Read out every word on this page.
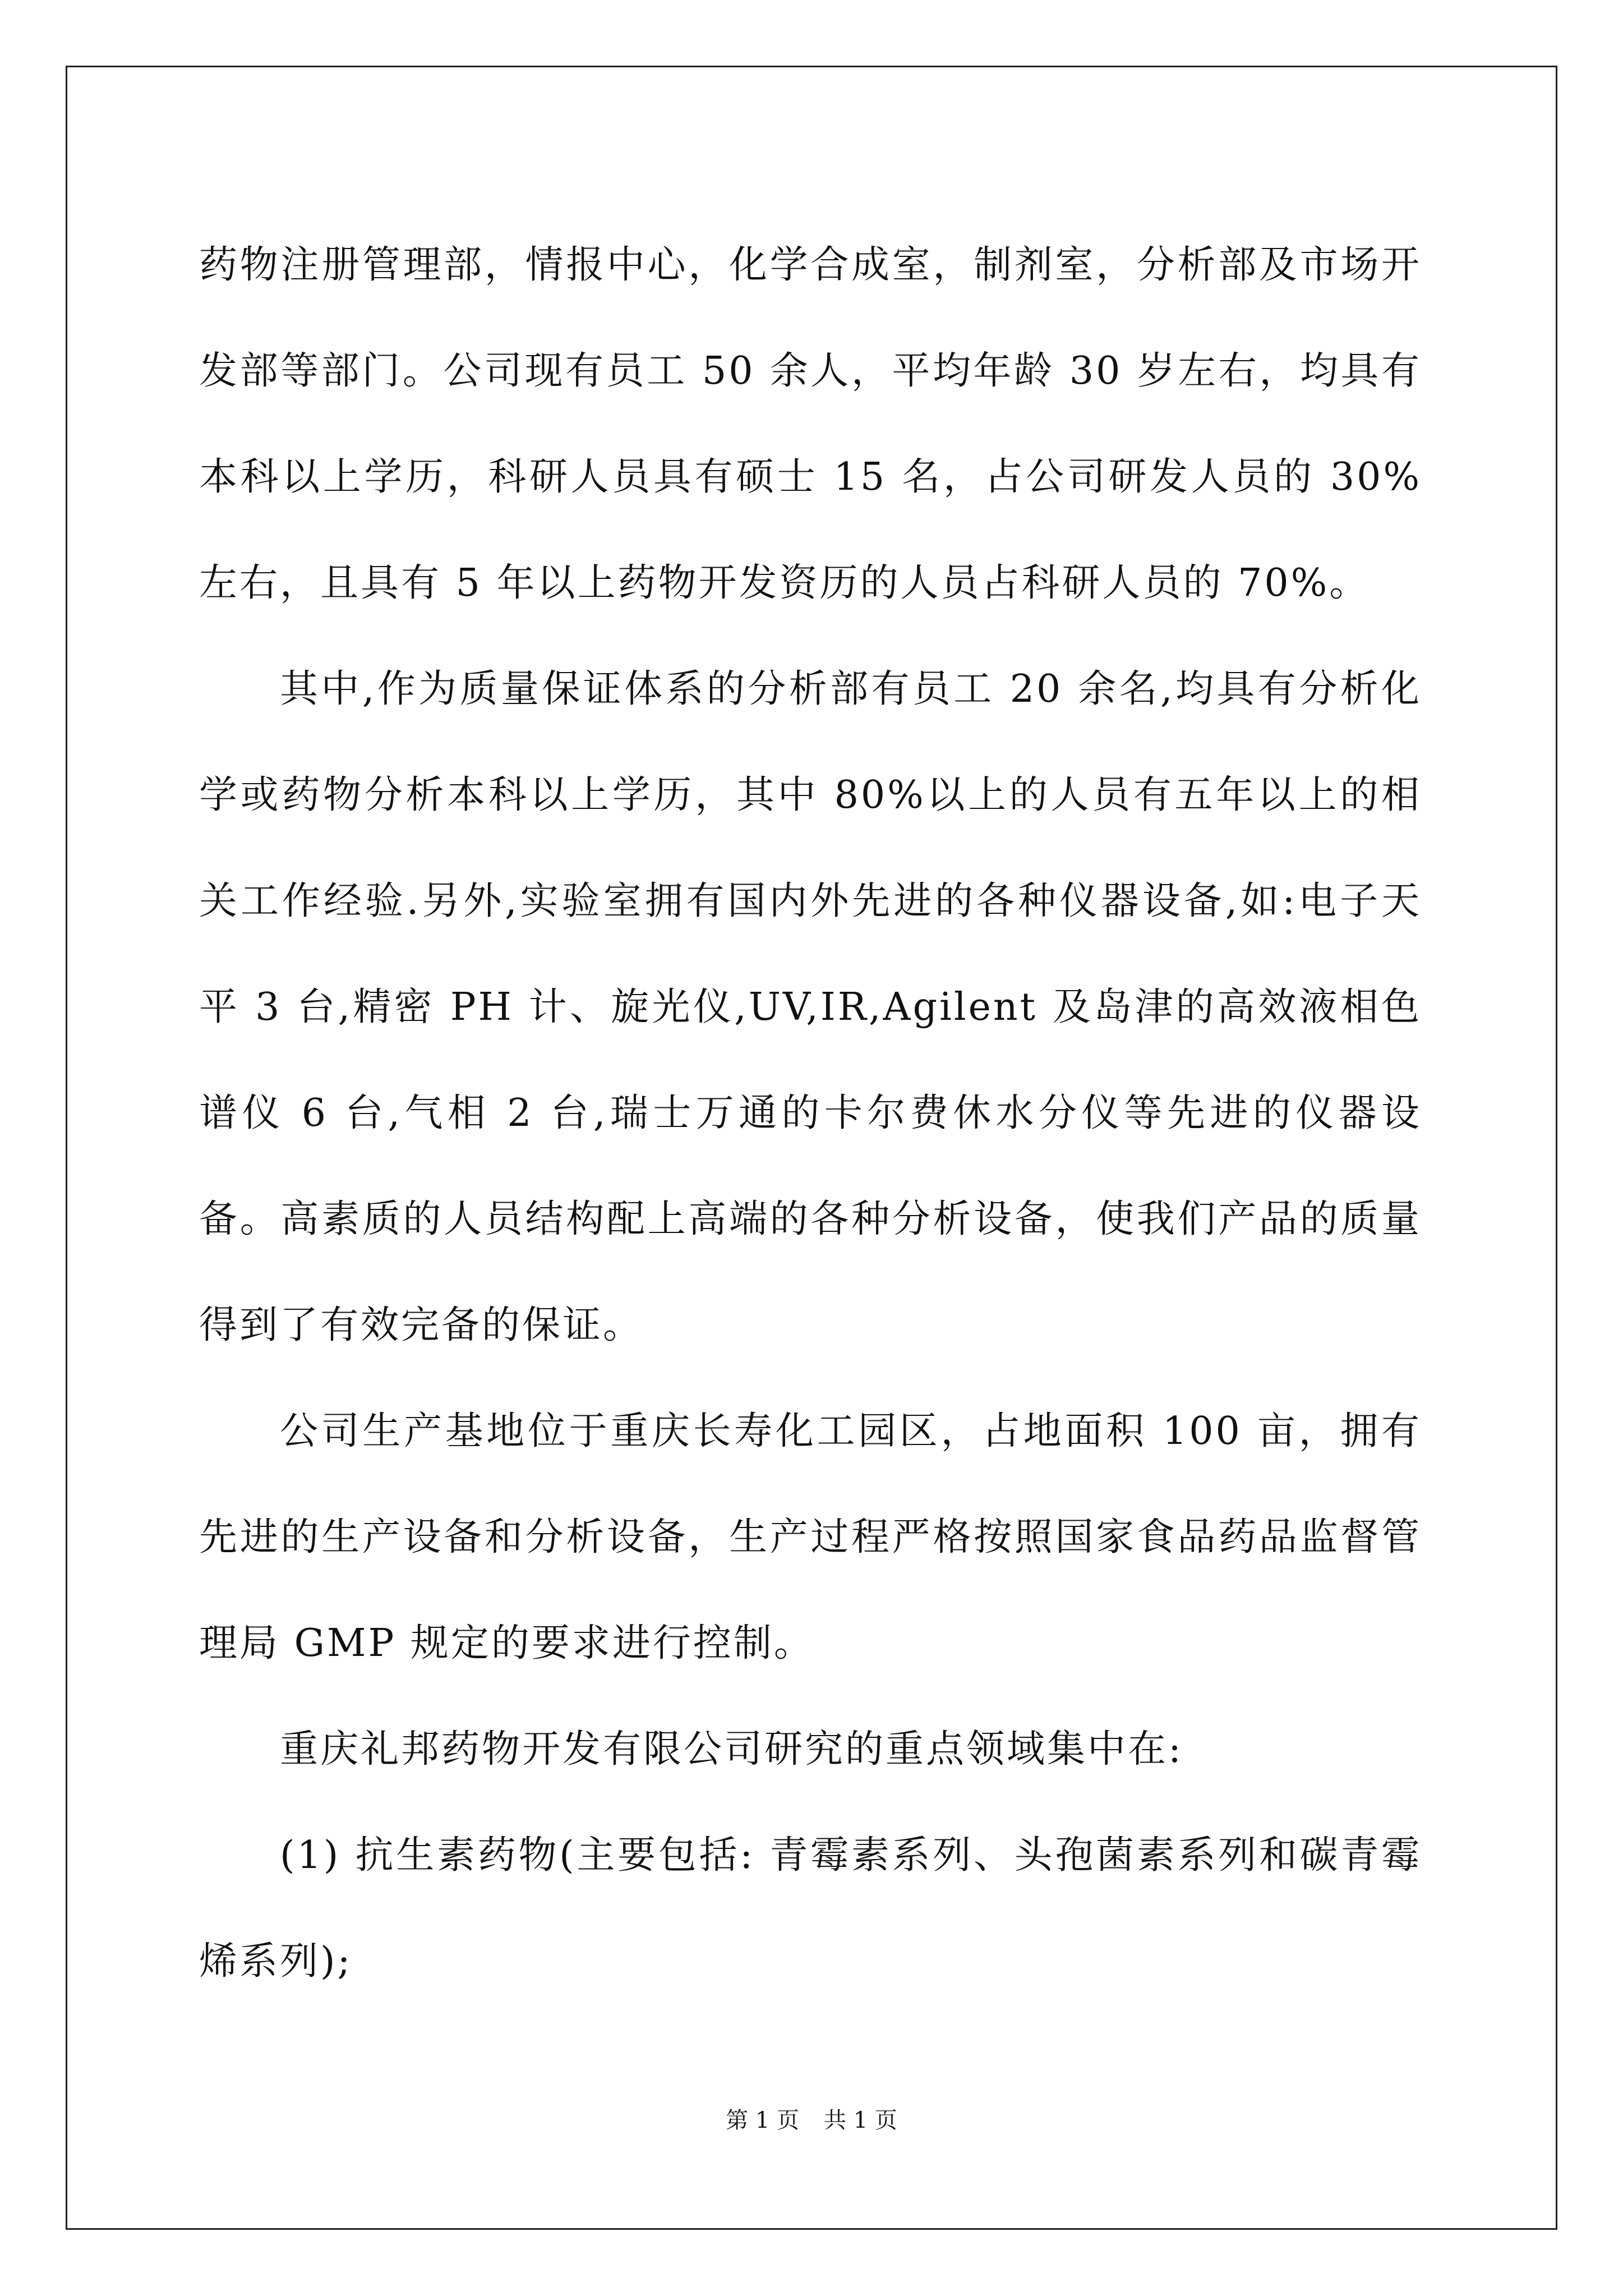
药物注册管理部，情报中心，化学合成室，制剂室，分析部及市场开发部等部门。公司现有员工 50 余人，平均年龄 30 岁左右，均具有本科以上学历，科研人员具有硕士 15 名，占公司研发人员的 30%左右，且具有 5 年以上药物开发资历的人员占科研人员的 70%。

其中,作为质量保证体系的分析部有员工 20 余名,均具有分析化学或药物分析本科以上学历，其中 80%以上的人员有五年以上的相关工作经验.另外,实验室拥有国内外先进的各种仪器设备,如:电子天平 3 台,精密 PH 计、旋光仪,UV,IR,Agilent 及岛津的高效液相色谱仪 6 台,气相 2 台,瑞士万通的卡尔费休水分仪等先进的仪器设备。高素质的人员结构配上高端的各种分析设备，使我们产品的质量得到了有效完备的保证。

公司生产基地位于重庆长寿化工园区，占地面积 100 亩，拥有先进的生产设备和分析设备，生产过程严格按照国家食品药品监督管理局 GMP 规定的要求进行控制。

重庆礼邦药物开发有限公司研究的重点领域集中在:

(1) 抗生素药物(主要包括: 青霉素系列、头孢菌素系列和碳青霉烯系列);

第 1 页 共 1 页
